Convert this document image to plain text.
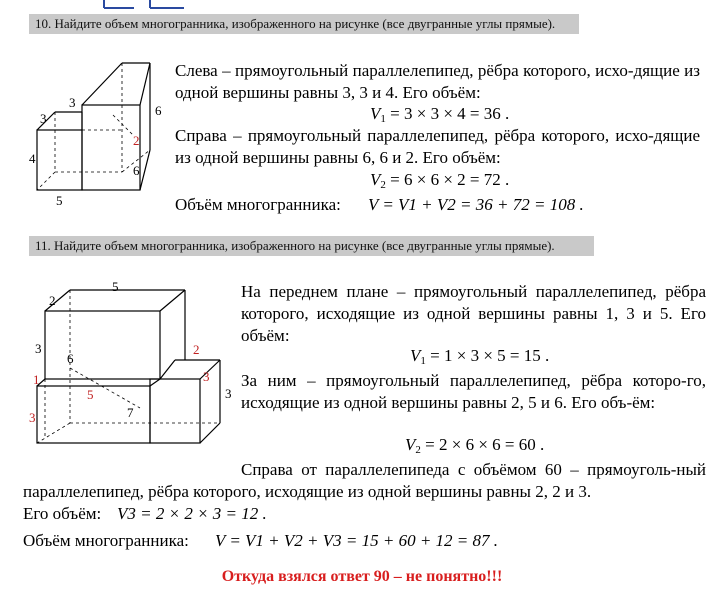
10. Найдите объем многогранника, изображенного на рисунке (все двугранные углы прямые).
3
3
4
5
6
2
6
Слева – прямоугольный параллелепипед, рёбра которого, исхо-дящие из одной вершины равны 3, 3 и 4. Его объём:
$V_1 = 3 \times 3 \times 4 = 36$ .
Справа – прямоугольный параллелепипед, рёбра которого, исхо-дящие из одной вершины равны 6, 6 и 2. Его объём:
$V_2 = 6 \times 6 \times 2 = 72$ .
Объём многогранника: V = V1 + V2 = 36 + 72 = 108 .
11. Найдите объем многогранника, изображенного на рисунке (все двугранные углы прямые).
2
5
3
6
1
5
3	7
2
3
3
На переднем плане – прямоугольный параллелепипед, рёбра которого, исходящие из одной вершины равны 1, 3 и 5. Его объём:
$V_1 = 1 \times 3 \times 5 = 15$ .
За ним – прямоугольный параллелепипед, рёбра которо-го, исходящие из одной вершины равны 2, 5 и 6. Его объ-ём:
$V_2 = 2 \times 6 \times 6 = 60$ .
Справа от параллелепипеда с объёмом 60 – прямоуголь-ный параллелепипед, рёбра которого, исходящие из одной вершины равны 2, 2 и 3.
Его объём: V3 = 2 × 2 × 3 = 12 .
Объём многогранника: V = V1 + V2 + V3 = 15 + 60 + 12 = 87 .
Откуда взялся ответ 90 – не понятно!!!
